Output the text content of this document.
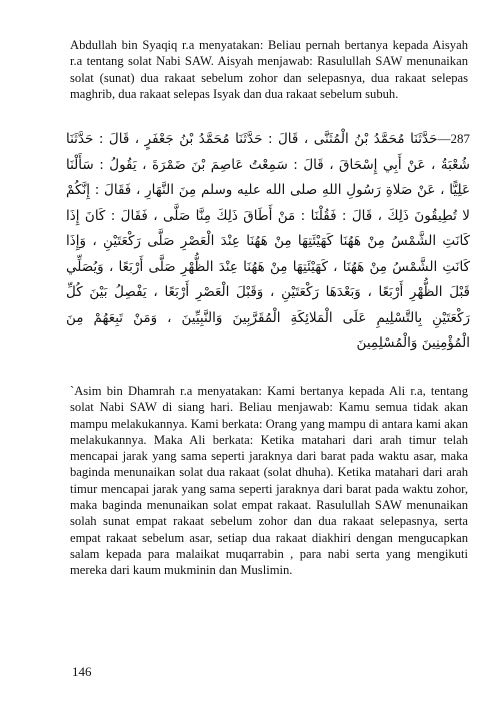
Abdullah bin Syaqiq r.a menyatakan: Beliau pernah bertanya kepada Aisyah r.a tentang solat Nabi SAW. Aisyah menjawab: Rasulullah SAW menunaikan solat (sunat) dua rakaat sebelum zohor dan selepasnya, dua rakaat selepas maghrib, dua rakaat selepas Isyak dan dua rakaat sebelum subuh.

287—حَدَّثَنَا مُحَمَّدُ بْنُ الْمُثَنَّى ، قَالَ : حَدَّثَنَا مُحَمَّدُ بْنُ جَعْفَرٍ ، قَالَ : حَدَّثَنَا شُعْبَةُ ، عَنْ أَبِي إِسْحَاقَ ، قَالَ : سَمِعْتُ عَاصِمَ بْنَ ضَمْرَةَ ، يَقُولُ : سَأَلْنَا عَلِيًّا ، عَنْ صَلاةِ رَسُولِ اللهِ صلى الله عليه وسلم مِنَ النَّهَارِ ، فَقَالَ : إِنَّكُمْ لا تُطِيقُونَ ذَلِكَ ، قَالَ : فَقُلْنَا : مَنْ أَطَاقَ ذَلِكَ مِنَّا صَلَّى ، فَقَالَ : كَانَ إِذَا كَانَتِ الشَّمْسُ مِنْ هَهُنَا كَهَيْئَتِهَا مِنْ هَهُنَا عِنْدَ الْعَصْرِ صَلَّى رَكْعَتَيْنِ ، وَإِذَا كَانَتِ الشَّمْسُ مِنْ هَهُنَا ، كَهَيْئَتِهَا مِنْ هَهُنَا عِنْدَ الظُّهْرِ صَلَّى أَرْبَعًا ، وَيُصَلِّي قَبْلَ الظُّهْرِ أَرْبَعًا ، وَبَعْدَهَا رَكْعَتَيْنِ ، وَقَبْلَ الْعَصْرِ أَرْبَعًا ، يَفْصِلُ بَيْنَ كُلِّ رَكْعَتَيْنِ بِالتَّسْلِيمِ عَلَى الْمَلائِكَةِ الْمُقَرَّبِينَ وَالنَّبِيِّينَ ، وَمَنْ تَبِعَهُمْ مِنَ الْمُؤْمِنِينَ وَالْمُسْلِمِينَ

`Asim bin Dhamrah r.a menyatakan: Kami bertanya kepada Ali r.a, tentang solat Nabi SAW di siang hari. Beliau menjawab: Kamu semua tidak akan mampu melakukannya. Kami berkata: Orang yang mampu di antara kami akan melakukannya. Maka Ali berkata: Ketika matahari dari arah timur telah mencapai jarak yang sama seperti jaraknya dari barat pada waktu asar, maka baginda menunaikan solat dua rakaat (solat dhuha). Ketika matahari dari arah timur mencapai jarak yang sama seperti jaraknya dari barat pada waktu zohor, maka baginda menunaikan solat empat rakaat. Rasulullah SAW menunaikan solah sunat empat rakaat sebelum zohor dan dua rakaat selepasnya, serta empat rakaat sebelum asar, setiap dua rakaat diakhiri dengan mengucapkan salam kepada para malaikat muqarrabin , para nabi serta yang mengikuti mereka dari kaum mukminin dan Muslimin.

146
